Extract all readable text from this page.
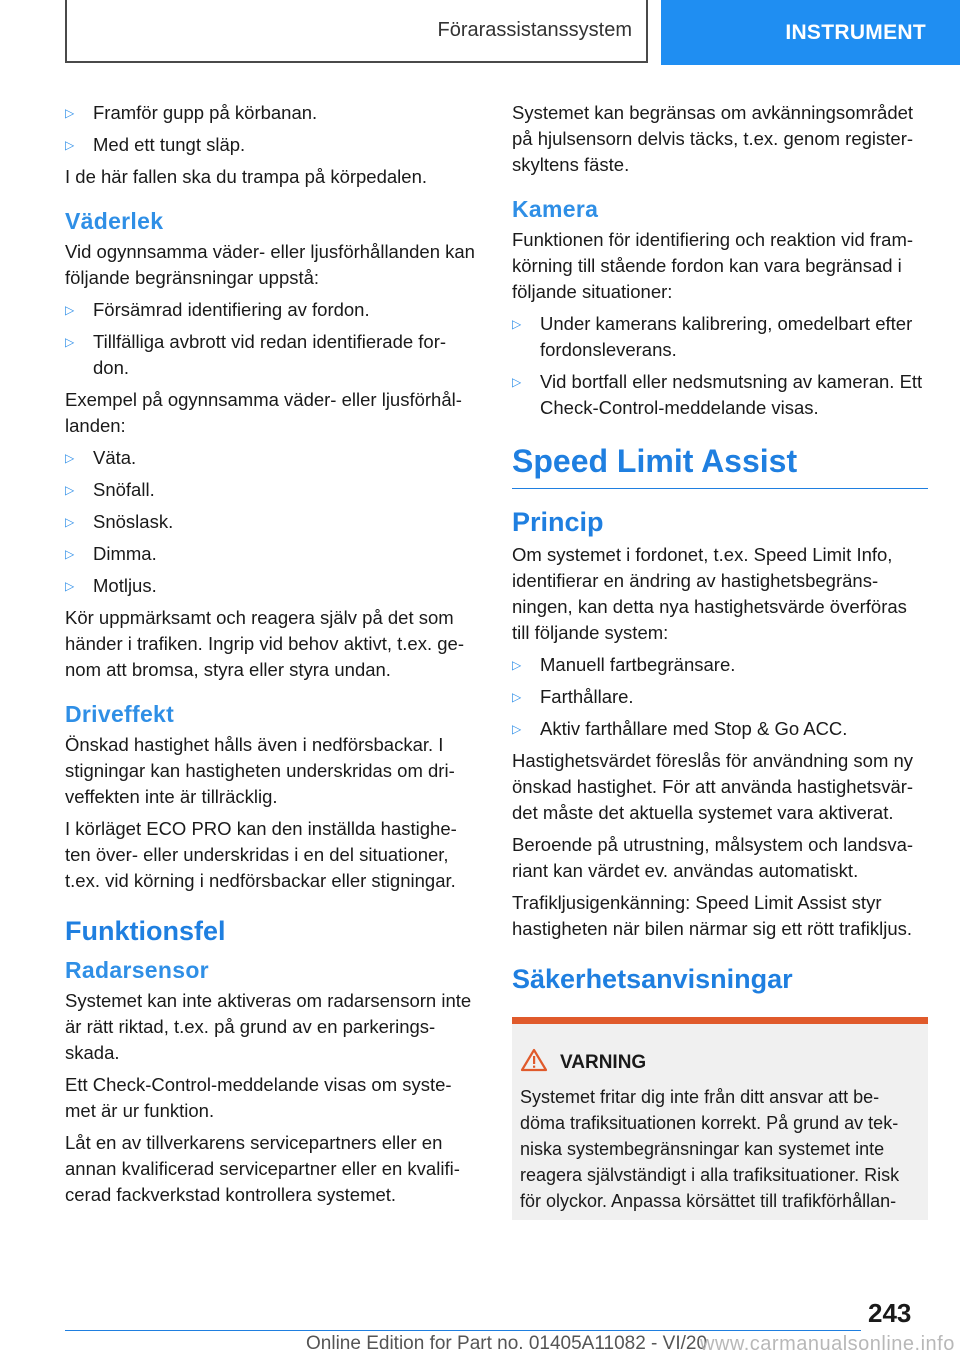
Förarassistanssystem	INSTRUMENT
▷	Framför gupp på körbanan.
▷	Med ett tungt släp.

I de här fallen ska du trampa på körpedalen.

Väderlek

Vid ogynnsamma väder- eller ljusförhållanden kan följande begränsningar uppstå:

▷	Försämrad identifiering av fordon.
▷	Tillfälliga avbrott vid redan identifierade for-don.

Exempel på ogynnsamma väder- eller ljusförhål-landen:

▷	Väta.
▷	Snöfall.
▷	Snöslask.
▷	Dimma.
▷	Motljus.

Kör uppmärksamt och reagera själv på det som händer i trafiken. Ingrip vid behov aktivt, t.ex. ge-nom att bromsa, styra eller styra undan.

Driveffekt

Önskad hastighet hålls även i nedförsbackar. I stigningar kan hastigheten underskridas om dri-veffekten inte är tillräcklig.

I körläget ECO PRO kan den inställda hastighe-ten över- eller underskridas i en del situationer, t.ex. vid körning i nedförsbackar eller stigningar.

Funktionsfel
Radarsensor

Systemet kan inte aktiveras om radarsensorn inte är rätt riktad, t.ex. på grund av en parkerings-skada.

Ett Check-Control-meddelande visas om syste-met är ur funktion.

Låt en av tillverkarens servicepartners eller en annan kvalificerad servicepartner eller en kvalifi-cerad fackverkstad kontrollera systemet.

Systemet kan begränsas om avkänningsområdet på hjulsensorn delvis täcks, t.ex. genom register-skyltens fäste.

Kamera

Funktionen för identifiering och reaktion vid fram-körning till stående fordon kan vara begränsad i följande situationer:

▷	Under kamerans kalibrering, omedelbart efter fordonsleverans.
▷	Vid bortfall eller nedsmutsning av kameran. Ett Check-Control-meddelande visas.
Speed Limit Assist
Princip

Om systemet i fordonet, t.ex. Speed Limit Info, identifierar en ändring av hastighetsbegräns-ningen, kan detta nya hastighetsvärde överföras till följande system:

▷	Manuell fartbegränsare.
▷	Farthållare.
▷	Aktiv farthållare med Stop & Go ACC.

Hastighetsvärdet föreslås för användning som ny önskad hastighet. För att använda hastighetsvär-det måste det aktuella systemet vara aktiverat.

Beroende på utrustning, målsystem och landsva-riant kan värdet ev. användas automatiskt.

Trafikljusigenkänning: Speed Limit Assist styr hastigheten när bilen närmar sig ett rött trafikljus.

Säkerhetsanvisningar
VARNING

Systemet fritar dig inte från ditt ansvar att be-döma trafiksituationen korrekt. På grund av tek-niska systembegränsningar kan systemet inte reagera självständigt i alla trafiksituationer. Risk för olyckor. Anpassa körsättet till trafikförhållan-

243
Online Edition for Part no. 01405A11082 - VI/20
www.carmanualsonline.info
